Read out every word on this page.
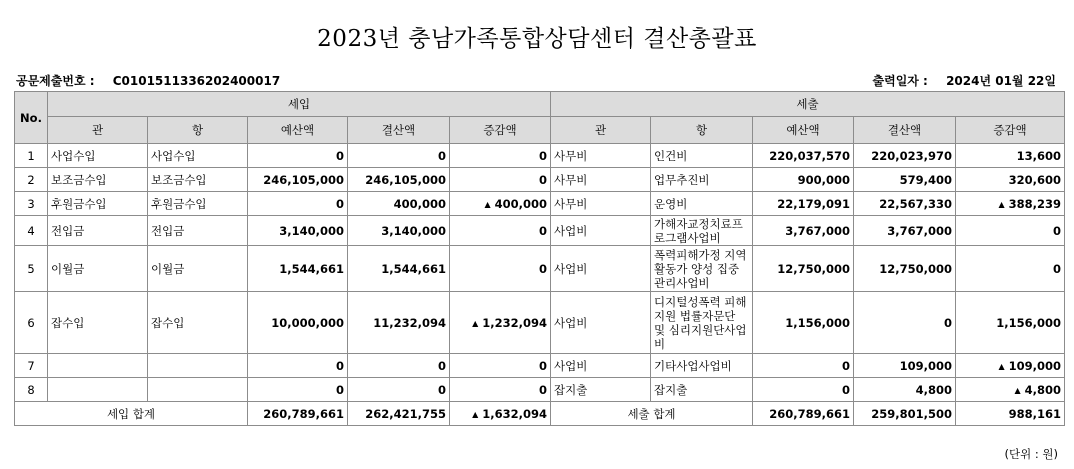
2023년 충남가족통합상담센터 결산총괄표
공문제출번호 : C0101511336202400017	출력일자 : 2024년 01월 22일
No.	세입					세출				
	관	항	예산액	결산액	증감액	관	항	예산액	결산액	증감액
1	사업수입	사업수입	0	0	0	사무비	인건비	220,037,570	220,023,970	13,600
2	보조금수입	보조금수입	246,105,000	246,105,000	0	사무비	업무추진비	900,000	579,400	320,600
3	후원금수입	후원금수입	0	400,000	▲ 400,000	사무비	운영비	22,179,091	22,567,330	▲ 388,239
4	전입금	전입금	3,140,000	3,140,000	0	사업비	가해자교정치료프로그램사업비	3,767,000	3,767,000	0
5	이월금	이월금	1,544,661	1,544,661	0	사업비	폭력피해가정 지역활동가 양성 집중관리사업비	12,750,000	12,750,000	0
6	잡수입	잡수입	10,000,000	11,232,094	▲ 1,232,094	사업비	디지털성폭력 피해지원 법률자문단 및 심리지원단사업비	1,156,000	0	1,156,000
7			0	0	0	사업비	기타사업사업비	0	109,000	▲ 109,000
8			0	0	0	잡지출	잡지출	0	4,800	▲ 4,800
세입 합계			260,789,661	262,421,755	▲ 1,632,094	세출 합계		260,789,661	259,801,500	988,161
(단위 : 원)
